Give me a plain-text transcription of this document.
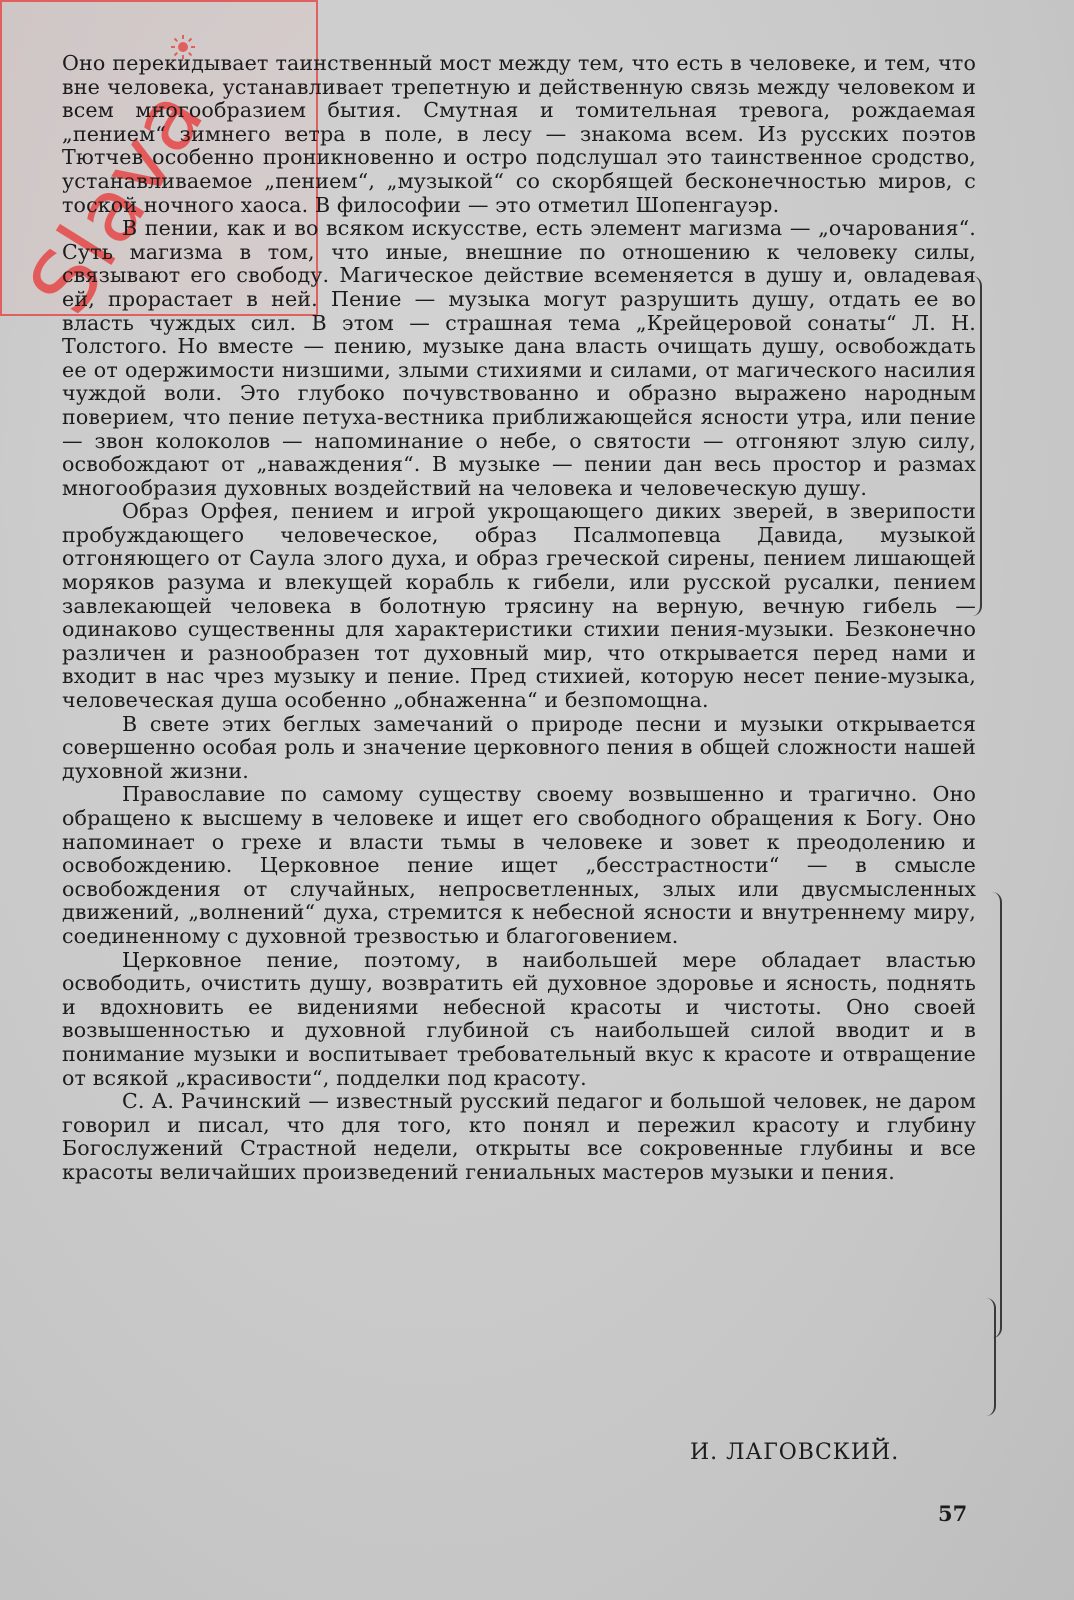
Slava

Оно перекидывает таинственный мост между тем, что есть в человеке, и тем, что вне человека, устанавливает трепетную и действенную связь между человеком и всем многообразием бытия. Смутная и томительная тревога, рождаемая „пением“ зимнего ветра в поле, в лесу — знакома всем. Из русских поэтов Тютчев особенно проникновенно и остро подслушал это таинственное сродство, устанавливаемое „пением“, „музыкой“ со скорбящей бесконечностью миров, с тоской ночного хаоса. В философии — это отметил Шопенгауэр.

В пении, как и во всяком искусстве, есть элемент магизма — „очарования“. Суть магизма в том, что иные, внешние по отношению к человеку силы, связывают его свободу. Магическое действие всеменяется в душу и, овладевая ей, прорастает в ней. Пение — музыка могут разрушить душу, отдать ее во власть чуждых сил. В этом — страшная тема „Крейцеровой сонаты“ Л. Н. Толстого. Но вместе — пению, музыке дана власть очищать душу, освобождать ее от одержимости низшими, злыми стихиями и силами, от магического насилия чуждой воли. Это глубоко почувствованно и образно выражено народным поверием, что пение петуха-вестника приближающейся ясности утра, или пение — звон колоколов — напоминание о небе, о святости — отгоняют злую силу, освобождают от „наваждения“. В музыке — пении дан весь простор и размах многообразия духовных воздействий на человека и человеческую душу.

Образ Орфея, пением и игрой укрощающего диких зверей, в зверипости пробуждающего человеческое, образ Псалмопевца Давида, музыкой отгоняющего от Саула злого духа, и образ греческой сирены, пением лишающей моряков разума и влекущей корабль к гибели, или русской русалки, пением завлекающей человека в болотную трясину на верную, вечную гибель — одинаково существенны для характеристики стихии пения-музыки. Безконечно различен и разнообразен тот духовный мир, что открывается перед нами и входит в нас чрез музыку и пение. Пред стихией, которую несет пение-музыка, человеческая душа особенно „обнаженна“ и безпомощна.

В свете этих беглых замечаний о природе песни и музыки открывается совершенно особая роль и значение церковного пения в общей сложности нашей духовной жизни.

Православие по самому существу своему возвышенно и трагично. Оно обращено к высшему в человеке и ищет его свободного обращения к Богу. Оно напоминает о грехе и власти тьмы в человеке и зовет к преодолению и освобождению. Церковное пение ищет „бесстрастности“ — в смысле освобождения от случайных, непросветленных, злых или двусмысленных движений, „волнений“ духа, стремится к небесной ясности и внутреннему миру, соединенному с духовной трезвостью и благоговением.

Церковное пение, поэтому, в наибольшей мере обладает властью освободить, очистить душу, возвратить ей духовное здоровье и ясность, поднять и вдохновить ее видениями небесной красоты и чистоты. Оно своей возвышенностью и духовной глубиной съ наибольшей силой вводит и в понимание музыки и воспитывает требовательный вкус к красоте и отвращение от всякой „красивости“, подделки под красоту.

С. А. Рачинский — известный русский педагог и большой человек, не даром говорил и писал, что для того, кто понял и пережил красоту и глубину Богослужений Страстной недели, открыты все сокровенные глубины и все красоты величайших произведений гениальных мастеров музыки и пения.

И. ЛАГОВСКИЙ.
57
